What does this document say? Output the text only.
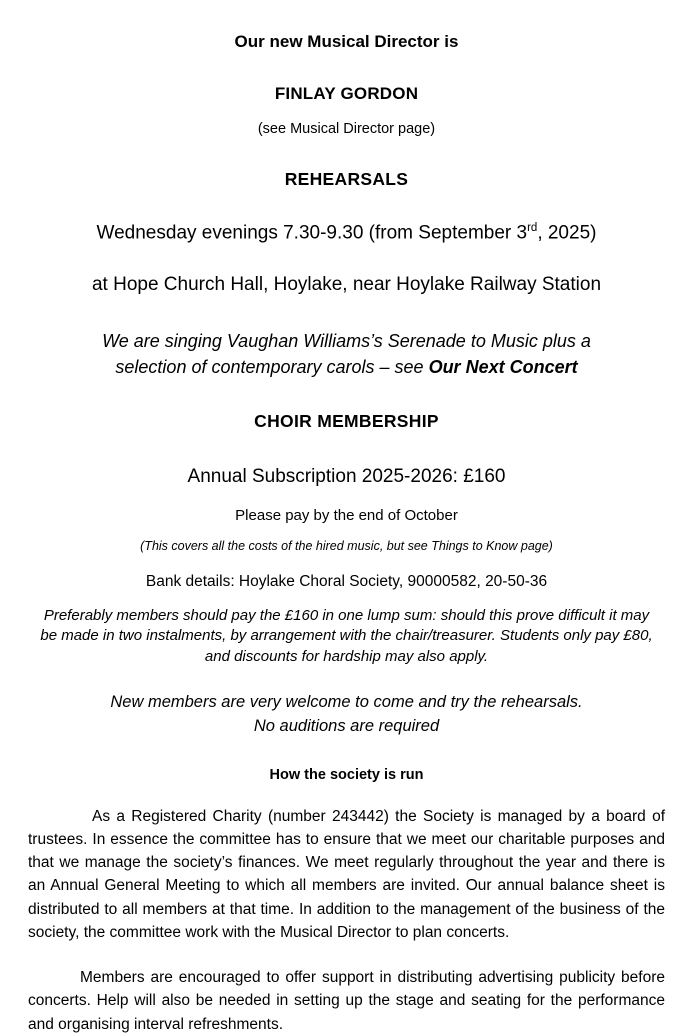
Our new Musical Director is

FINLAY GORDON

(see Musical Director page)

REHEARSALS

Wednesday evenings 7.30-9.30 (from September 3rd, 2025)

at Hope Church Hall, Hoylake, near Hoylake Railway Station

We are singing Vaughan Williams’s Serenade to Music plus a
selection of contemporary carols – see Our Next Concert

CHOIR MEMBERSHIP

Annual Subscription 2025-2026: £160

Please pay by the end of October

(This covers all the costs of the hired music, but see Things to Know page)

Bank details: Hoylake Choral Society, 90000582, 20-50-36

Preferably members should pay the £160 in one lump sum: should this prove difficult it may be made in two instalments, by arrangement with the chair/treasurer. Students only pay £80, and discounts for hardship may also apply.

New members are very welcome to come and try the rehearsals.
No auditions are required

How the society is run

As a Registered Charity (number 243442) the Society is managed by a board of trustees. In essence the committee has to ensure that we meet our charitable purposes and that we manage the society’s finances. We meet regularly throughout the year and there is an Annual General Meeting to which all members are invited. Our annual balance sheet is distributed to all members at that time. In addition to the management of the business of the society, the committee work with the Musical Director to plan concerts.

Members are encouraged to offer support in distributing advertising publicity before concerts. Help will also be needed in setting up the stage and seating for the performance and organising interval refreshments.
